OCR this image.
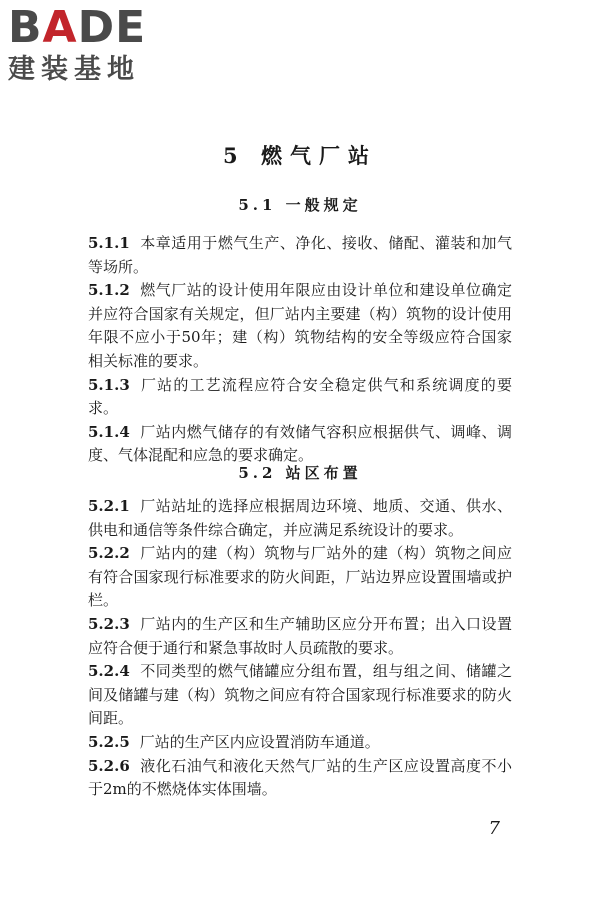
B A D E
建装基地
5 燃气厂站
5.1 一般规定

5.1.1 本章适用于燃气生产、净化、接收、储配、灌装和加气等场所。

5.1.2 燃气厂站的设计使用年限应由设计单位和建设单位确定并应符合国家有关规定，但厂站内主要建（构）筑物的设计使用年限不应小于50年；建（构）筑物结构的安全等级应符合国家相关标准的要求。

5.1.3 厂站的工艺流程应符合安全稳定供气和系统调度的要求。

5.1.4 厂站内燃气储存的有效储气容积应根据供气、调峰、调度、气体混配和应急的要求确定。

5.2 站区布置

5.2.1 厂站站址的选择应根据周边环境、地质、交通、供水、供电和通信等条件综合确定，并应满足系统设计的要求。

5.2.2 厂站内的建（构）筑物与厂站外的建（构）筑物之间应有符合国家现行标准要求的防火间距，厂站边界应设置围墙或护栏。

5.2.3 厂站内的生产区和生产辅助区应分开布置；出入口设置应符合便于通行和紧急事故时人员疏散的要求。

5.2.4 不同类型的燃气储罐应分组布置，组与组之间、储罐之间及储罐与建（构）筑物之间应有符合国家现行标准要求的防火间距。

5.2.5 厂站的生产区内应设置消防车通道。

5.2.6 液化石油气和液化天然气厂站的生产区应设置高度不小于2m的不燃烧体实体围墙。

7
